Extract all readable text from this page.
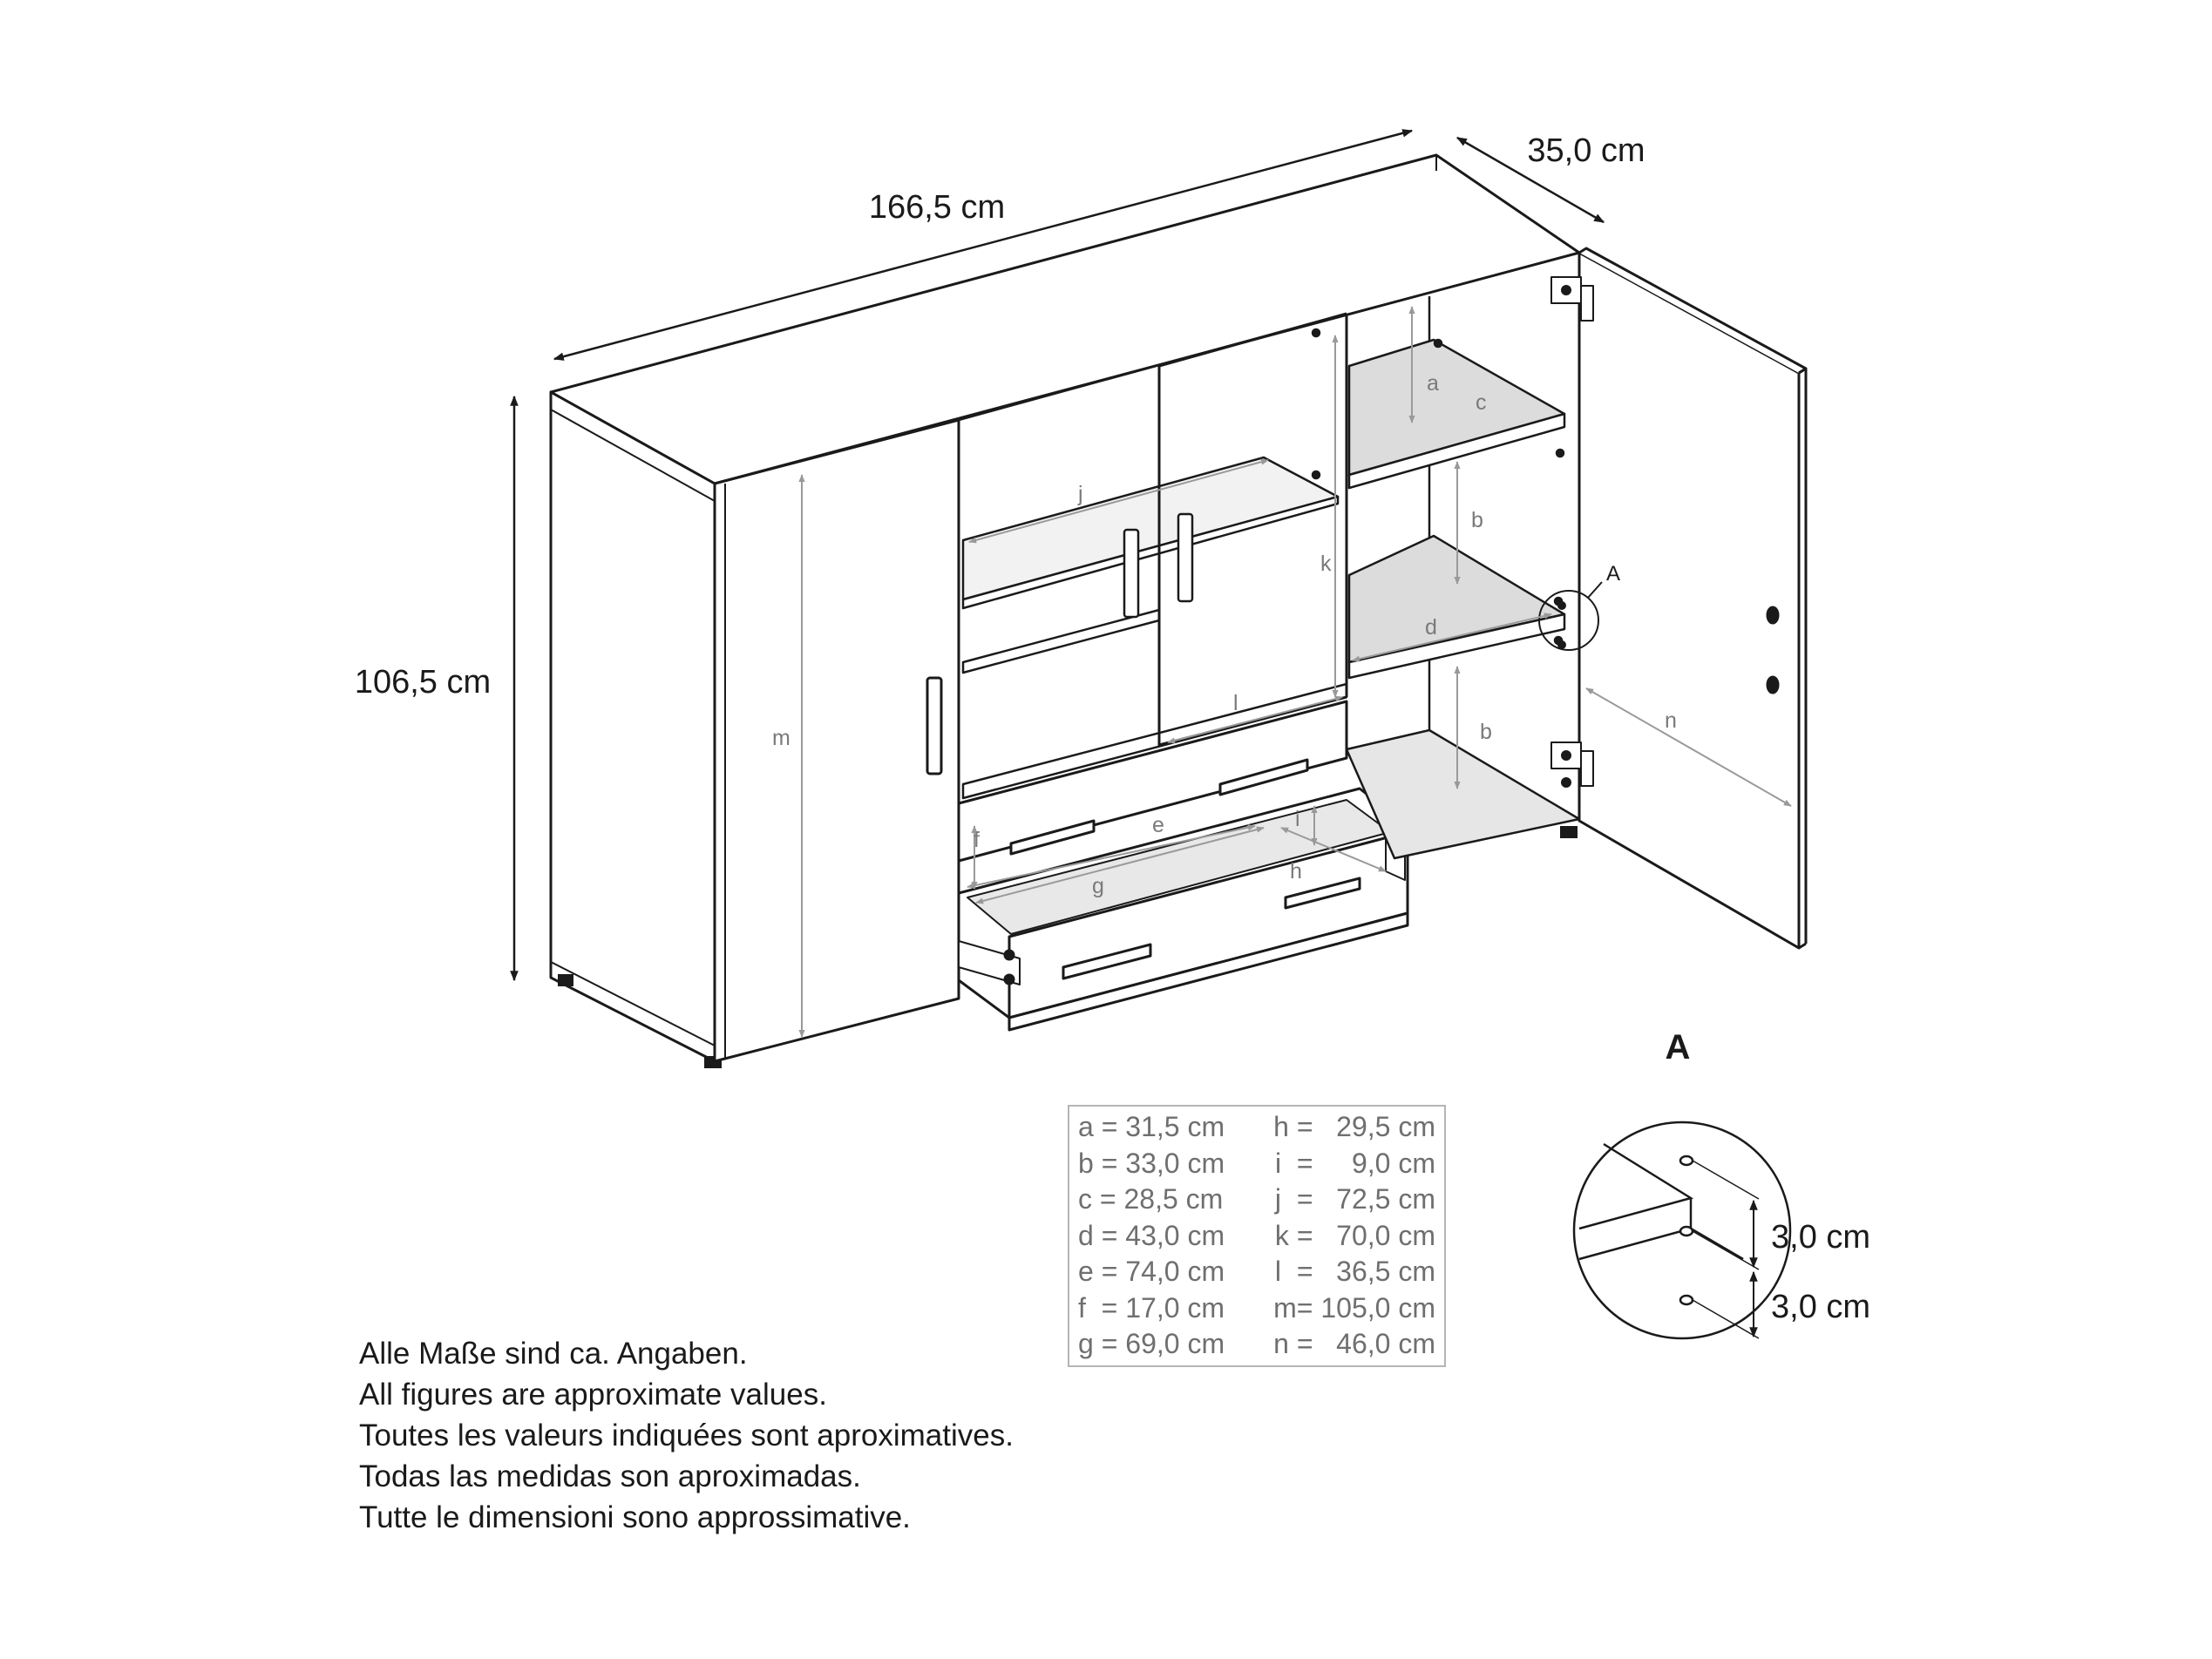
A
166,5 cm
35,0 cm
106,5 cm
a
b
b
c
d
e
f
g
h
i
j
k
l
m
n
A
3,0 cm
3,0 cm
a = 31,5 cm h =   29,5 cm
b = 33,0 cm i  =     9,0 cm
c = 28,5 cm j  =   72,5 cm
d = 43,0 cm k =   70,0 cm
e = 74,0 cm l  =   36,5 cm
f  = 17,0 cm m= 105,0 cm
g = 69,0 cm n =   46,0 cm
Alle Maße sind ca. Angaben.
All figures are approximate values.
Toutes les valeurs indiquées sont aproximatives.
Todas las medidas son aproximadas.
Tutte le dimensioni sono approssimative.
